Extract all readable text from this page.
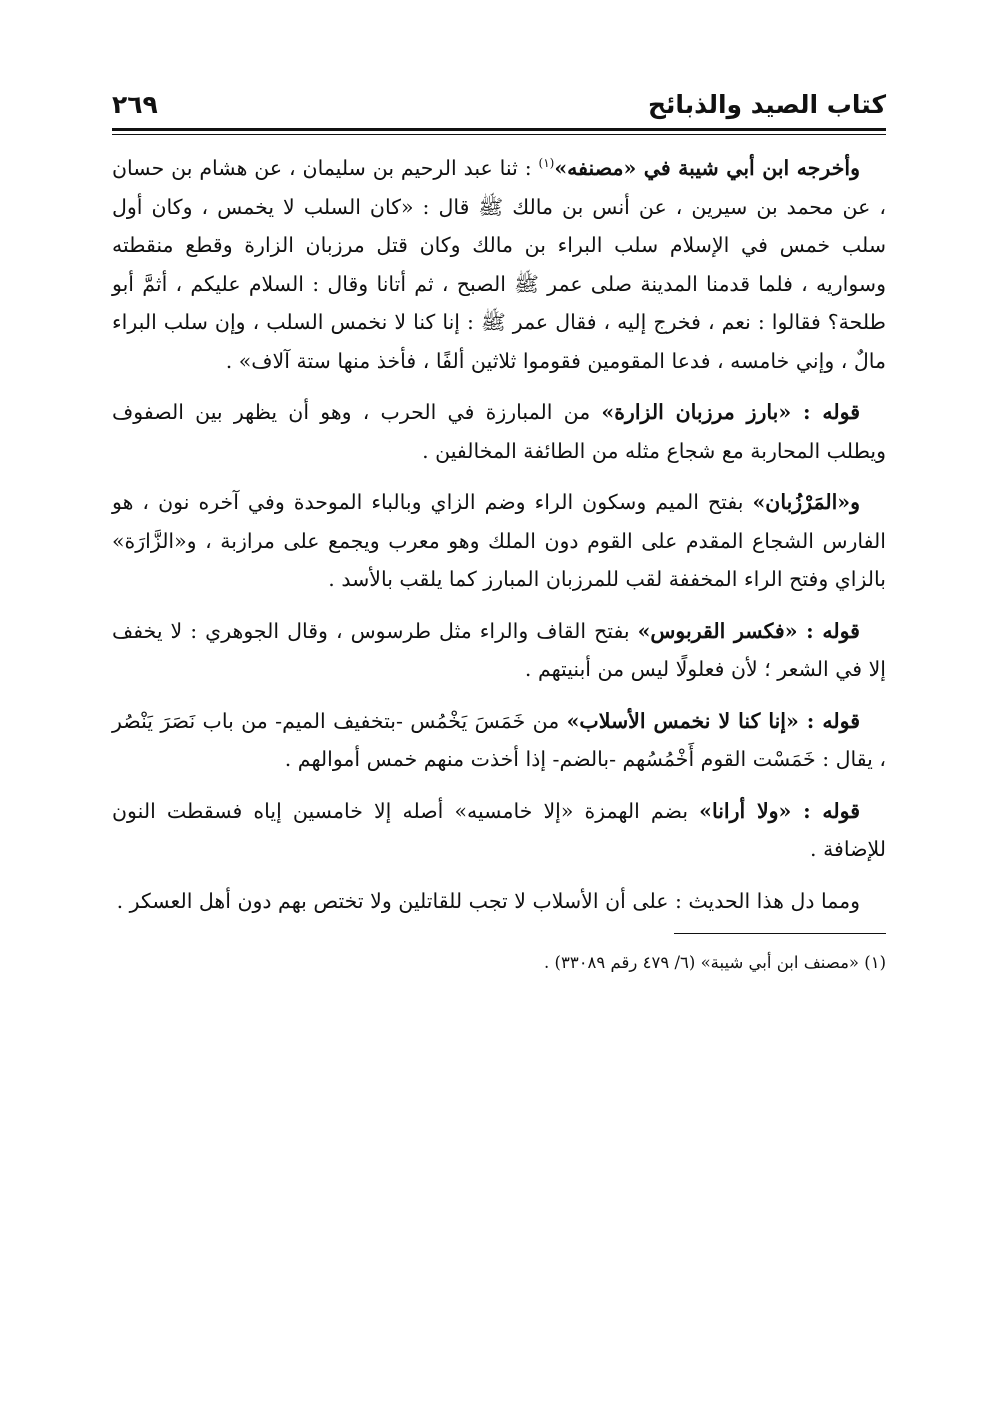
كتاب الصيد والذبائح
٢٦٩

وأخرجه ابن أبي شيبة في «مصنفه»$^{(١)}$ : ثنا عبد الرحيم بن سليمان ، عن هشام بن حسان ، عن محمد بن سيرين ، عن أنس بن مالك ﷺ قال : «كان السلب لا يخمس ، وكان أول سلب خمس في الإسلام سلب البراء بن مالك وكان قتل مرزبان الزارة وقطع منقطته وسواريه ، فلما قدمنا المدينة صلى عمر ﷺ الصبح ، ثم أتانا وقال : السلام عليكم ، أثمَّ أبو طلحة؟ فقالوا : نعم ، فخرج إليه ، فقال عمر ﷺ : إنا كنا لا نخمس السلب ، وإن سلب البراء مالٌ ، وإني خامسه ، فدعا المقومين فقوموا ثلاثين ألفًا ، فأخذ منها ستة آلاف» .

قوله : «بارز مرزبان الزارة» من المبارزة في الحرب ، وهو أن يظهر بين الصفوف ويطلب المحاربة مع شجاع مثله من الطائفة المخالفين .

و«المَرْزُبان» بفتح الميم وسكون الراء وضم الزاي وبالباء الموحدة وفي آخره نون ، هو الفارس الشجاع المقدم على القوم دون الملك وهو معرب ويجمع على مرازبة ، و«الزَّارَة» بالزاي وفتح الراء المخففة لقب للمرزبان المبارز كما يلقب بالأسد .

قوله : «فكسر القربوس» بفتح القاف والراء مثل طرسوس ، وقال الجوهري : لا يخفف إلا في الشعر ؛ لأن فعلولًا ليس من أبنيتهم .

قوله : «إنا كنا لا نخمس الأسلاب» من خَمَسَ يَخْمُس -بتخفيف الميم- من باب نَصَرَ يَنْصُر ، يقال : خَمَسْت القوم أَخْمُسُهم -بالضم- إذا أخذت منهم خمس أموالهم .

قوله : «ولا أرانا» بضم الهمزة «إلا خامسيه» أصله إلا خامسين إياه فسقطت النون للإضافة .

ومما دل هذا الحديث : على أن الأسلاب لا تجب للقاتلين ولا تختص بهم دون أهل العسكر .

(١) «مصنف ابن أبي شيبة» (٦/ ٤٧٩ رقم ٣٣٠٨٩) .
